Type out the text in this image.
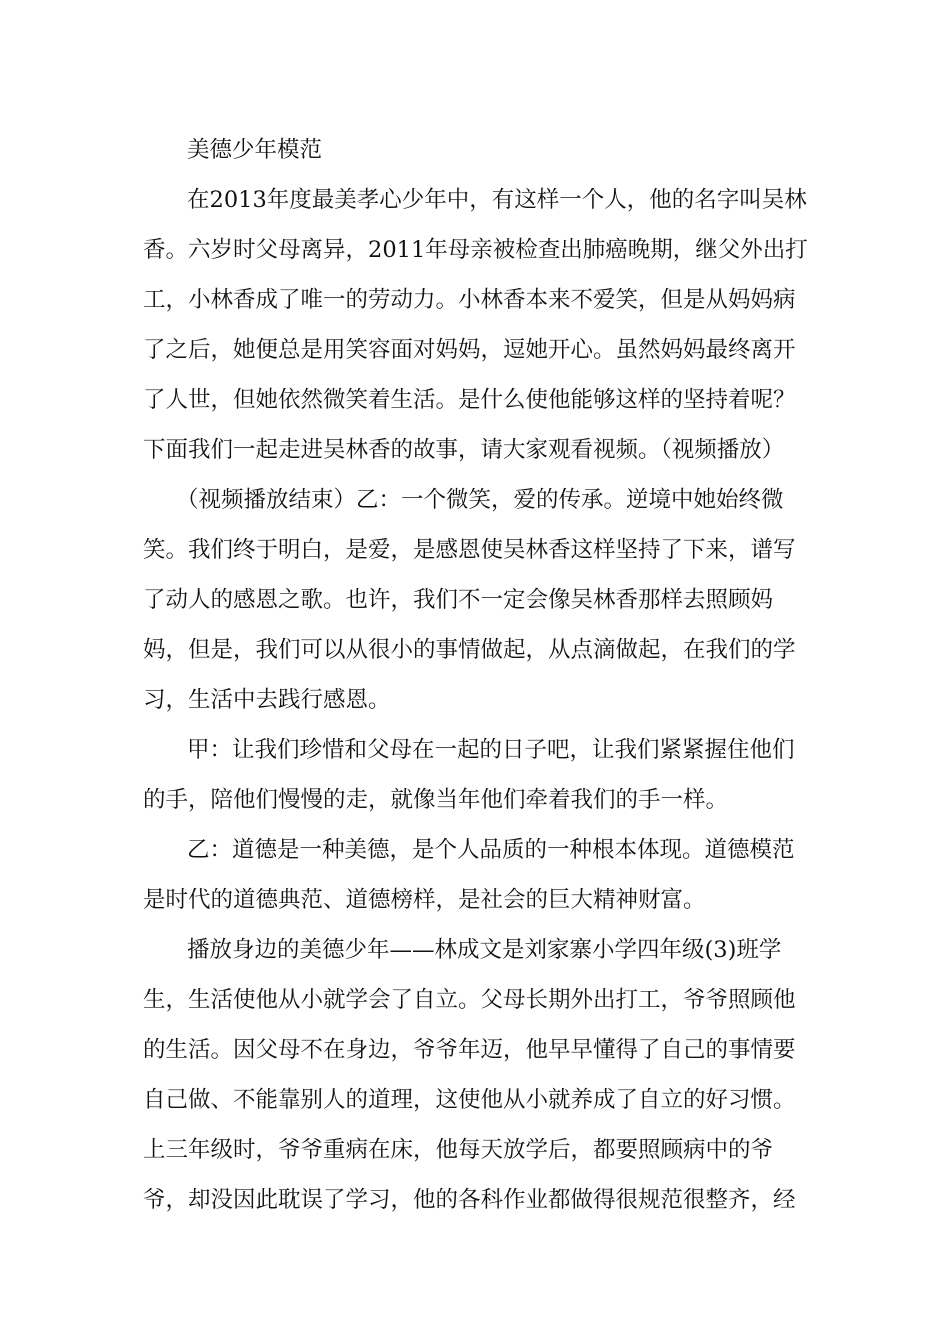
美德少年模范
在2013年度最美孝心少年中，有这样一个人，他的名字叫吴林
香。六岁时父母离异，2011年母亲被检查出肺癌晚期，继父外出打
工，小林香成了唯一的劳动力。小林香本来不爱笑，但是从妈妈病
了之后，她便总是用笑容面对妈妈，逗她开心。虽然妈妈最终离开
了人世，但她依然微笑着生活。是什么使他能够这样的坚持着呢？
下面我们一起走进吴林香的故事，请大家观看视频。（视频播放）
（视频播放结束）乙：一个微笑，爱的传承。逆境中她始终微
笑。我们终于明白，是爱，是感恩使吴林香这样坚持了下来，谱写
了动人的感恩之歌。也许，我们不一定会像吴林香那样去照顾妈
妈，但是，我们可以从很小的事情做起，从点滴做起，在我们的学
习，生活中去践行感恩。
甲：让我们珍惜和父母在一起的日子吧，让我们紧紧握住他们
的手，陪他们慢慢的走，就像当年他们牵着我们的手一样。
乙：道德是一种美德，是个人品质的一种根本体现。道德模范
是时代的道德典范、道德榜样，是社会的巨大精神财富。
播放身边的美德少年——林成文是刘家寨小学四年级(3)班学
生，生活使他从小就学会了自立。父母长期外出打工，爷爷照顾他
的生活。因父母不在身边，爷爷年迈，他早早懂得了自己的事情要
自己做、不能靠别人的道理，这使他从小就养成了自立的好习惯。
上三年级时，爷爷重病在床，他每天放学后，都要照顾病中的爷
爷，却没因此耽误了学习，他的各科作业都做得很规范很整齐，经
